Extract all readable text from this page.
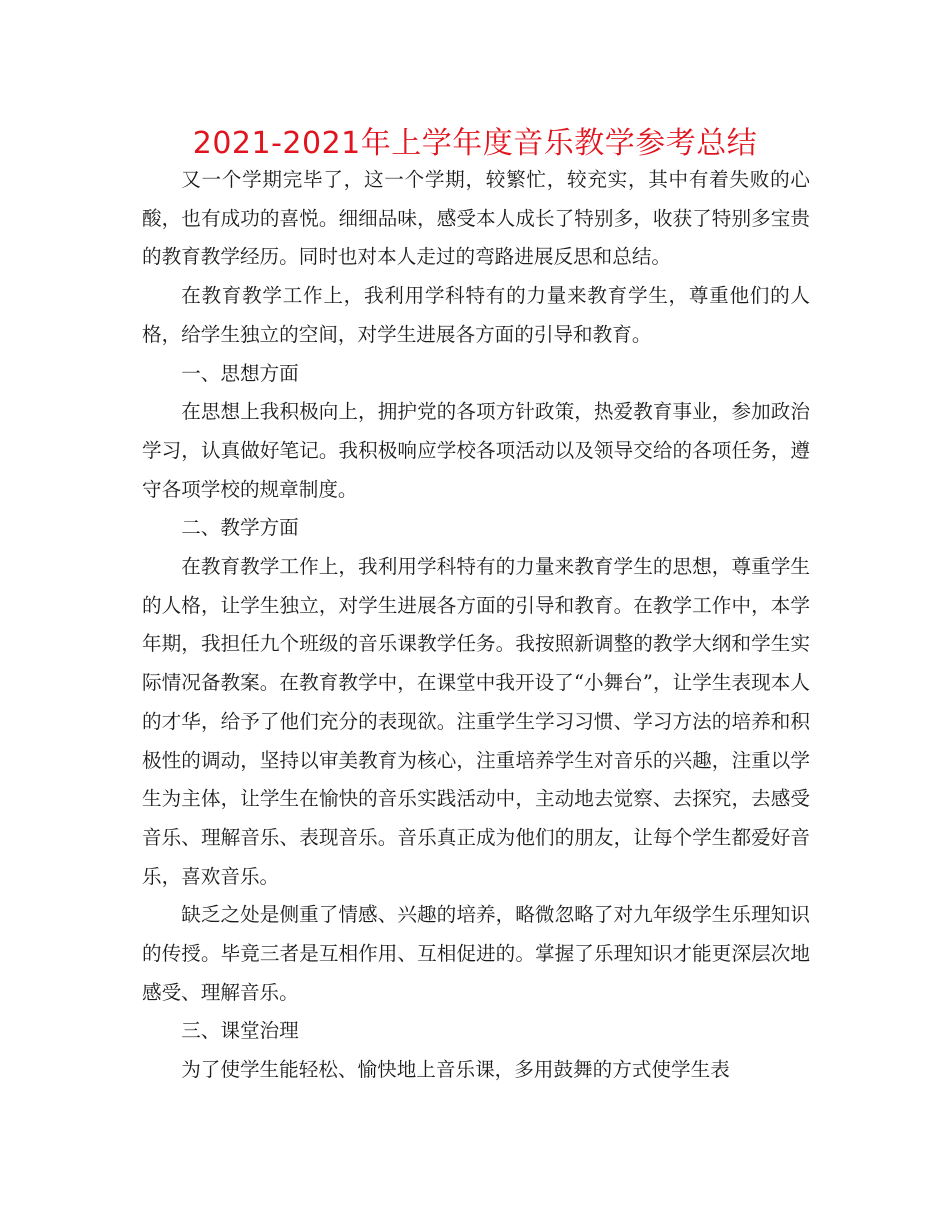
2021-2021年上学年度音乐教学参考总结

又一个学期完毕了，这一个学期，较繁忙，较充实，其中有着失败的心酸，也有成功的喜悦。细细品味，感受本人成长了特别多，收获了特别多宝贵的教育教学经历。同时也对本人走过的弯路进展反思和总结。

在教育教学工作上，我利用学科特有的力量来教育学生，尊重他们的人格，给学生独立的空间，对学生进展各方面的引导和教育。

一、思想方面

在思想上我积极向上，拥护党的各项方针政策，热爱教育事业，参加政治学习，认真做好笔记。我积极响应学校各项活动以及领导交给的各项任务，遵守各项学校的规章制度。

二、教学方面

在教育教学工作上，我利用学科特有的力量来教育学生的思想，尊重学生的人格，让学生独立，对学生进展各方面的引导和教育。在教学工作中，本学年期，我担任九个班级的音乐课教学任务。我按照新调整的教学大纲和学生实际情况备教案。在教育教学中，在课堂中我开设了“小舞台”，让学生表现本人的才华，给予了他们充分的表现欲。注重学生学习习惯、学习方法的培养和积极性的调动，坚持以审美教育为核心，注重培养学生对音乐的兴趣，注重以学生为主体，让学生在愉快的音乐实践活动中，主动地去觉察、去探究，去感受音乐、理解音乐、表现音乐。音乐真正成为他们的朋友，让每个学生都爱好音乐，喜欢音乐。

缺乏之处是侧重了情感、兴趣的培养，略微忽略了对九年级学生乐理知识的传授。毕竟三者是互相作用、互相促进的。掌握了乐理知识才能更深层次地感受、理解音乐。

三、课堂治理

为了使学生能轻松、愉快地上音乐课，多用鼓舞的方式使学生表
